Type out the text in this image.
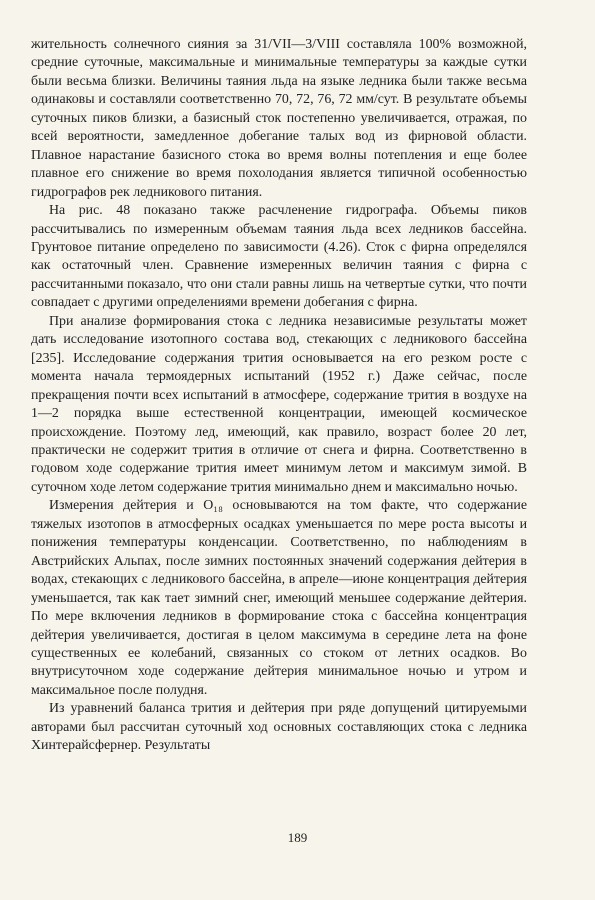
жительность солнечного сияния за 31/VII—3/VIII составляла 100% возможной, средние суточные, максимальные и минимальные температуры за каждые сутки были весьма близки. Величины таяния льда на языке ледника были также весьма одинаковы и составляли соответственно 70, 72, 76, 72 мм/сут. В результате объемы суточных пиков близки, а базисный сток постепенно увеличивается, отражая, по всей вероятности, замедленное добегание талых вод из фирновой области. Плавное нарастание базисного стока во время волны потепления и еще более плавное его снижение во время похолодания является типичной особенностью гидрографов рек ледникового питания.

На рис. 48 показано также расчленение гидрографа. Объемы пиков рассчитывались по измеренным объемам таяния льда всех ледников бассейна. Грунтовое питание определено по зависимости (4.26). Сток с фирна определялся как остаточный член. Сравнение измеренных величин таяния с фирна с рассчитанными показало, что они стали равны лишь на четвертые сутки, что почти совпадает с другими определениями времени добегания с фирна.

При анализе формирования стока с ледника независимые результаты может дать исследование изотопного состава вод, стекающих с ледникового бассейна [235]. Исследование содержания трития основывается на его резком росте с момента начала термоядерных испытаний (1952 г.) Даже сейчас, после прекращения почти всех испытаний в атмосфере, содержание трития в воздухе на 1—2 порядка выше естественной концентрации, имеющей космическое происхождение. Поэтому лед, имеющий, как правило, возраст более 20 лет, практически не содержит трития в отличие от снега и фирна. Соответственно в годовом ходе содержание трития имеет минимум летом и максимум зимой. В суточном ходе летом содержание трития минимально днем и максимально ночью.

Измерения дейтерия и O₁₈ основываются на том факте, что содержание тяжелых изотопов в атмосферных осадках уменьшается по мере роста высоты и понижения температуры конденсации. Соответственно, по наблюдениям в Австрийских Альпах, после зимних постоянных значений содержания дейтерия в водах, стекающих с ледникового бассейна, в апреле—июне концентрация дейтерия уменьшается, так как тает зимний снег, имеющий меньшее содержание дейтерия. По мере включения ледников в формирование стока с бассейна концентрация дейтерия увеличивается, достигая в целом максимума в середине лета на фоне существенных ее колебаний, связанных со стоком от летних осадков. Во внутрисуточном ходе содержание дейтерия минимальное ночью и утром и максимальное после полудня.

Из уравнений баланса трития и дейтерия при ряде допущений цитируемыми авторами был рассчитан суточный ход основных составляющих стока с ледника Хинтерайсфернер. Результаты

189
